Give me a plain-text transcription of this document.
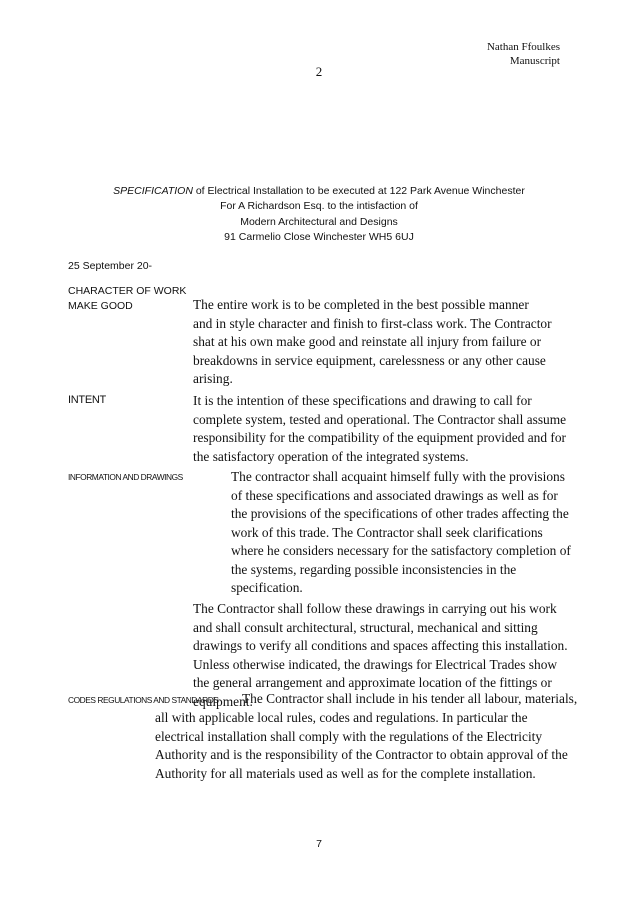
Nathan Ffoulkes
Manuscript
2
SPECIFICATION of Electrical Installation to be executed at 122 Park Avenue Winchester
For A Richardson Esq. to the intisfaction of
Modern Architectural and Designs
91 Carmelio Close Winchester WH5 6UJ
25 September 20-
CHARACTER OF WORK
MAKE GOOD	The entire work is to be completed in the best possible manner
and in style character and finish to first-class work. The Contractor
shat at his own make good and reinstate all injury from failure or
breakdowns in service equipment, carelessness or any other cause
arising.
INTENT	It is the intention of these specifications and drawing to call for
complete system, tested and operational. The Contractor shall assume
responsibility for the compatibility of the equipment provided and for
the satisfactory operation of the integrated systems.
INFORMATION AND DRAWINGS	The contractor shall acquaint himself fully with the provisions
of these specifications and associated drawings as well as for
the provisions of the specifications of other trades affecting the
work of this trade. The Contractor shall seek clarifications
where he considers necessary for the satisfactory completion of
the systems, regarding possible inconsistencies in the
specification.
The Contractor shall follow these drawings in carrying out his work
and shall consult architectural, structural, mechanical and sitting
drawings to verify all conditions and spaces affecting this installation.
Unless otherwise indicated, the drawings for Electrical Trades show
the general arrangement and approximate location of the fittings or
equipment.
CODES REGULATIONS AND STANDARDS The Contractor shall include in his tender all labour, materials,
all with applicable local rules, codes and regulations. In particular the
electrical installation shall comply with the regulations of the Electricity
Authority and is the responsibility of the Contractor to obtain approval of the
Authority for all materials used as well as for the complete installation.
7
